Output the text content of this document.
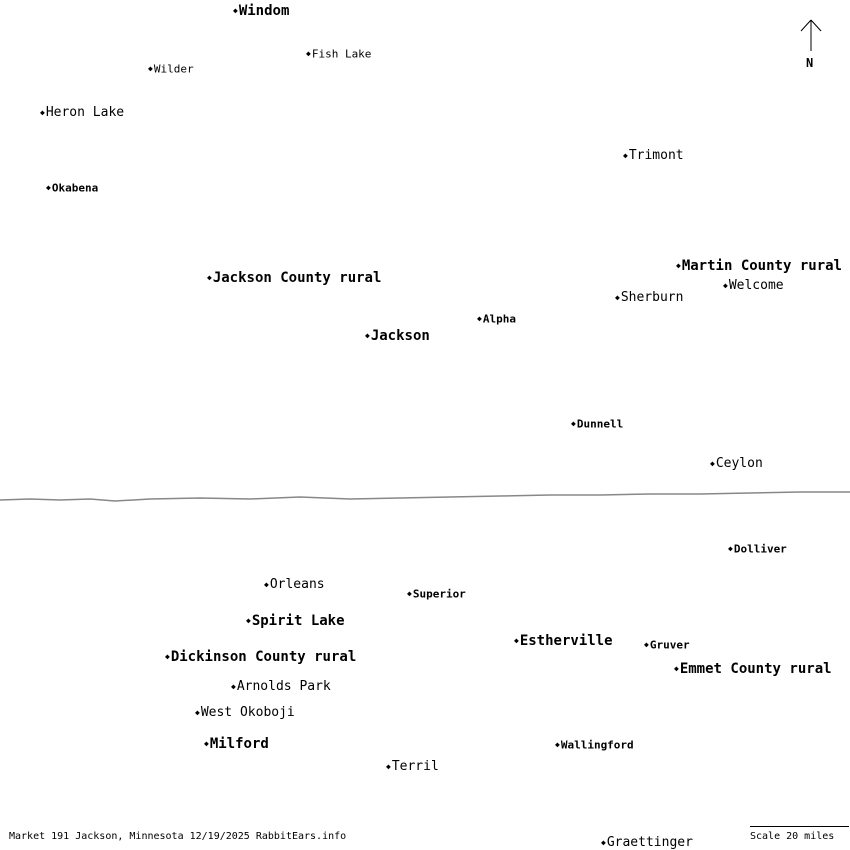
◆Windom
◆Fish Lake
◆Wilder
◆Heron Lake
◆Trimont
◆Okabena
◆Jackson County rural
◆Martin County rural
◆Welcome
◆Sherburn
◆Alpha
◆Jackson
◆Dunnell
◆Ceylon
◆Dolliver
◆Orleans
◆Superior
◆Spirit Lake
◆Estherville	◆Gruver
◆Dickinson County rural
◆Emmet County rural
◆Arnolds Park
◆West Okoboji
◆Milford	◆Wallingford
◆Terril
◆Graettinger
N
Market 191 Jackson, Minnesota 12/19/2025 RabbitEars.info	Scale 20 miles
